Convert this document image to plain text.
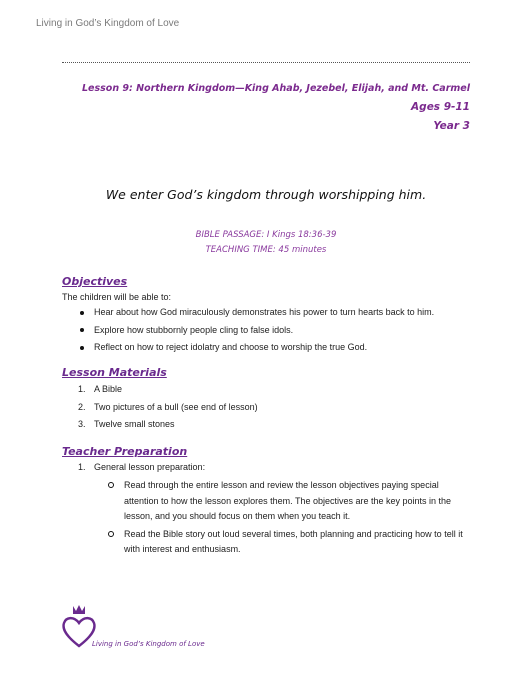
Living in God’s Kingdom of Love
Lesson 9: Northern Kingdom—King Ahab, Jezebel, Elijah, and Mt. Carmel
Ages 9-11
Year 3
We enter God’s kingdom through worshipping him.
BIBLE PASSAGE: I Kings 18:36-39
TEACHING TIME: 45 minutes
Objectives
The children will be able to:
Hear about how God miraculously demonstrates his power to turn hearts back to him.
Explore how stubbornly people cling to false idols.
Reflect on how to reject idolatry and choose to worship the true God.
Lesson Materials
1. A Bible
2. Two pictures of a bull (see end of lesson)
3. Twelve small stones
Teacher Preparation
1. General lesson preparation:
Read through the entire lesson and review the lesson objectives paying special attention to how the lesson explores them. The objectives are the key points in the lesson, and you should focus on them when you teach it.
Read the Bible story out loud several times, both planning and practicing how to tell it with interest and enthusiasm.
Living in God’s Kingdom of Love
